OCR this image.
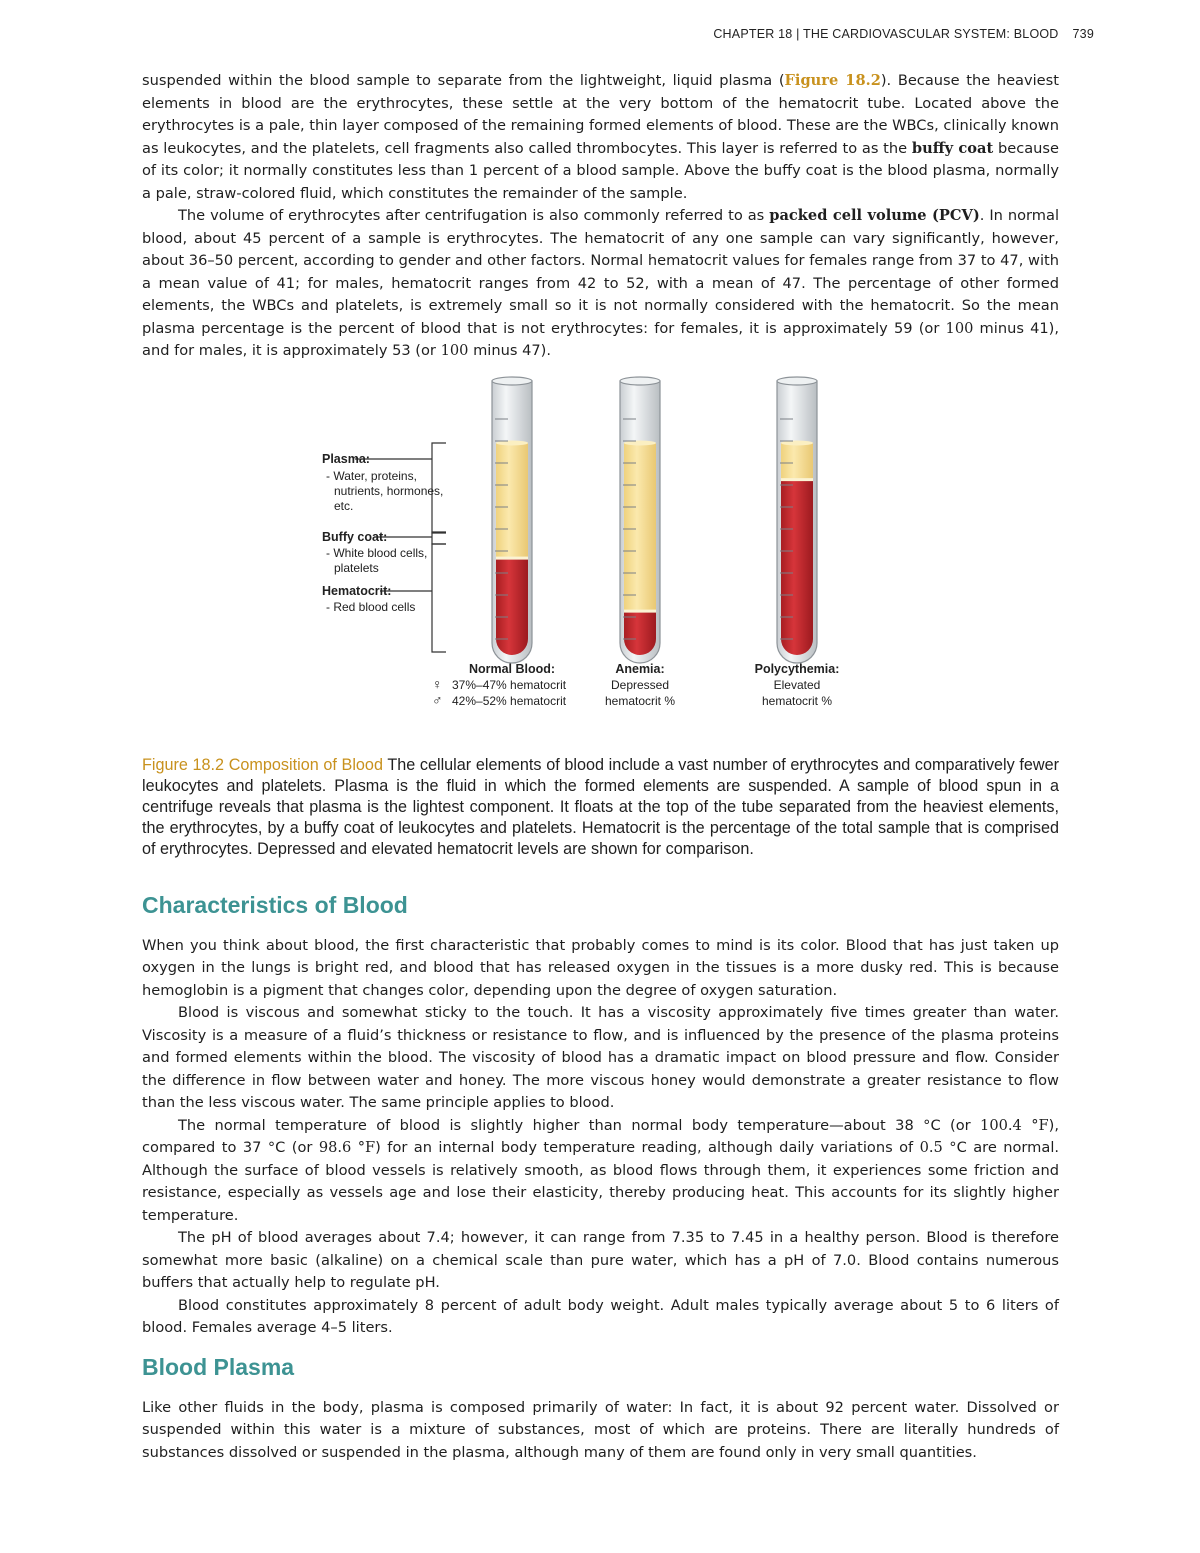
CHAPTER 18 | THE CARDIOVASCULAR SYSTEM: BLOOD 739

suspended within the blood sample to separate from the lightweight, liquid plasma (Figure 18.2). Because the heaviest elements in blood are the erythrocytes, these settle at the very bottom of the hematocrit tube. Located above the erythrocytes is a pale, thin layer composed of the remaining formed elements of blood. These are the WBCs, clinically known as leukocytes, and the platelets, cell fragments also called thrombocytes. This layer is referred to as the buffy coat because of its color; it normally constitutes less than 1 percent of a blood sample. Above the buffy coat is the blood plasma, normally a pale, straw-colored fluid, which constitutes the remainder of the sample.

The volume of erythrocytes after centrifugation is also commonly referred to as packed cell volume (PCV). In normal blood, about 45 percent of a sample is erythrocytes. The hematocrit of any one sample can vary significantly, however, about 36–50 percent, according to gender and other factors. Normal hematocrit values for females range from 37 to 47, with a mean value of 41; for males, hematocrit ranges from 42 to 52, with a mean of 47. The percentage of other formed elements, the WBCs and platelets, is extremely small so it is not normally considered with the hematocrit. So the mean plasma percentage is the percent of blood that is not erythrocytes: for females, it is approximately 59 (or 100 minus 41), and for males, it is approximately 53 (or 100 minus 47).

Plasma:
- Water, proteins,
nutrients, hormones,
etc.
Buffy coat:
- White blood cells,
platelets
Hematocrit:
- Red blood cells
Normal Blood:
♀ 37%–47% hematocrit
♂ 42%–52% hematocrit
Anemia:
Depressed
hematocrit %
Polycythemia:
Elevated
hematocrit %
Figure 18.2 Composition of Blood The cellular elements of blood include a vast number of erythrocytes and comparatively fewer leukocytes and platelets. Plasma is the fluid in which the formed elements are suspended. A sample of blood spun in a centrifuge reveals that plasma is the lightest component. It floats at the top of the tube separated from the heaviest elements, the erythrocytes, by a buffy coat of leukocytes and platelets. Hematocrit is the percentage of the total sample that is comprised of erythrocytes. Depressed and elevated hematocrit levels are shown for comparison.
Characteristics of Blood

When you think about blood, the first characteristic that probably comes to mind is its color. Blood that has just taken up oxygen in the lungs is bright red, and blood that has released oxygen in the tissues is a more dusky red. This is because hemoglobin is a pigment that changes color, depending upon the degree of oxygen saturation.

Blood is viscous and somewhat sticky to the touch. It has a viscosity approximately five times greater than water. Viscosity is a measure of a fluid’s thickness or resistance to flow, and is influenced by the presence of the plasma proteins and formed elements within the blood. The viscosity of blood has a dramatic impact on blood pressure and flow. Consider the difference in flow between water and honey. The more viscous honey would demonstrate a greater resistance to flow than the less viscous water. The same principle applies to blood.

The normal temperature of blood is slightly higher than normal body temperature—about 38 °C (or 100.4 °F), compared to 37 °C (or 98.6 °F) for an internal body temperature reading, although daily variations of 0.5 °C are normal. Although the surface of blood vessels is relatively smooth, as blood flows through them, it experiences some friction and resistance, especially as vessels age and lose their elasticity, thereby producing heat. This accounts for its slightly higher temperature.

The pH of blood averages about 7.4; however, it can range from 7.35 to 7.45 in a healthy person. Blood is therefore somewhat more basic (alkaline) on a chemical scale than pure water, which has a pH of 7.0. Blood contains numerous buffers that actually help to regulate pH.

Blood constitutes approximately 8 percent of adult body weight. Adult males typically average about 5 to 6 liters of blood. Females average 4–5 liters.

Blood Plasma

Like other fluids in the body, plasma is composed primarily of water: In fact, it is about 92 percent water. Dissolved or suspended within this water is a mixture of substances, most of which are proteins. There are literally hundreds of substances dissolved or suspended in the plasma, although many of them are found only in very small quantities.
